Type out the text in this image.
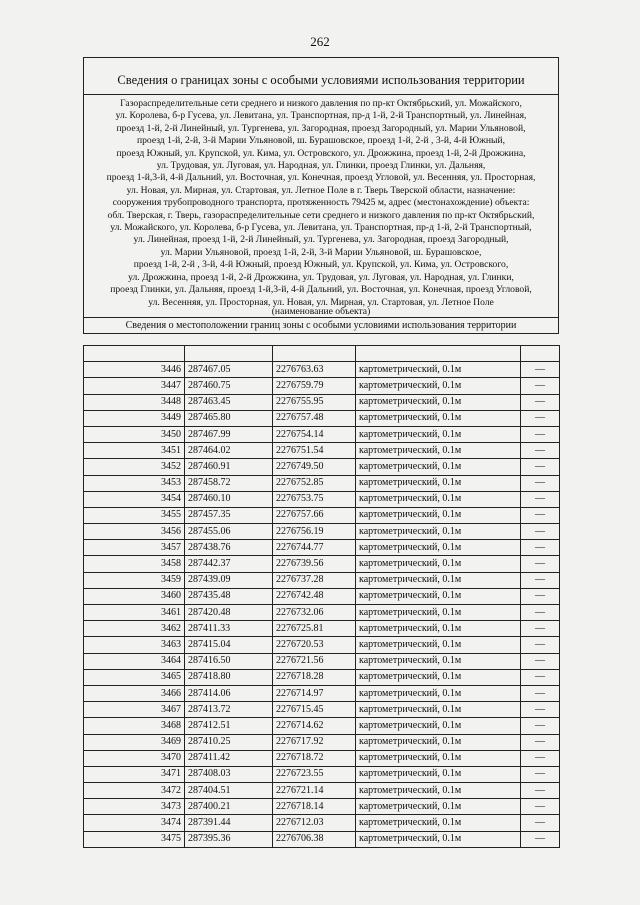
262
Сведения о границах зоны с особыми условиями использования территории

Газораспределительные сети среднего и низкого давления по пр-кт Октябрьский, ул. Можайского,

ул. Королева, б-р Гусева, ул. Левитана, ул. Транспортная, пр-д 1-й, 2-й Транспортный, ул. Линейная,

проезд 1-й, 2-й Линейный, ул. Тургенева, ул. Загородная, проезд Загородный, ул. Марии Ульяновой,

проезд 1-й, 2-й, 3-й Марии Ульяновой, ш. Бурашовское, проезд 1-й, 2-й , 3-й, 4-й Южный,

проезд Южный, ул. Крупской, ул. Кима, ул. Островского, ул. Дрожжина, проезд 1-й, 2-й Дрожжина,

ул. Трудовая, ул. Луговая, ул. Народная, ул. Глинки, проезд Глинки, ул. Дальняя,

проезд 1-й,3-й, 4-й Дальний, ул. Восточная, ул. Конечная, проезд Угловой, ул. Весенняя, ул. Просторная,

ул. Новая, ул. Мирная, ул. Стартовая, ул. Летное Поле в г. Тверь Тверской области, назначение:

сооружения трубопроводного транспорта, протяженность 79425 м, адрес (местонахождение) объекта:

обл. Тверская, г. Тверь, газораспределительные сети среднего и низкого давления по пр-кт Октябрьский,

ул. Можайского, ул. Королева, б-р Гусева, ул. Левитана, ул. Транспортная, пр-д 1-й, 2-й Транспортный,

ул. Линейная, проезд 1-й, 2-й Линейный, ул. Тургенева, ул. Загородная, проезд Загородный,

ул. Марии Ульяновой, проезд 1-й, 2-й, 3-й Марии Ульяновой, ш. Бурашовское,

проезд 1-й, 2-й , 3-й, 4-й Южный, проезд Южный, ул. Крупской, ул. Кима, ул. Островского,

ул. Дрожжина, проезд 1-й, 2-й Дрожжина, ул. Трудовая, ул. Луговая, ул. Народная, ул. Глинки,

проезд Глинки, ул. Дальняя, проезд 1-й,3-й, 4-й Дальний, ул. Восточная, ул. Конечная, проезд Угловой,

ул. Весенняя, ул. Просторная, ул. Новая, ул. Мирная, ул. Стартовая, ул. Летное Поле

(наименование объекта)
Сведения о местоположении границ зоны с особыми условиями использования территории

3446	287467.05	2276763.63	картометрический, 0.1м	—
3447	287460.75	2276759.79	картометрический, 0.1м	—
3448	287463.45	2276755.95	картометрический, 0.1м	—
3449	287465.80	2276757.48	картометрический, 0.1м	—
3450	287467.99	2276754.14	картометрический, 0.1м	—
3451	287464.02	2276751.54	картометрический, 0.1м	—
3452	287460.91	2276749.50	картометрический, 0.1м	—
3453	287458.72	2276752.85	картометрический, 0.1м	—
3454	287460.10	2276753.75	картометрический, 0.1м	—
3455	287457.35	2276757.66	картометрический, 0.1м	—
3456	287455.06	2276756.19	картометрический, 0.1м	—
3457	287438.76	2276744.77	картометрический, 0.1м	—
3458	287442.37	2276739.56	картометрический, 0.1м	—
3459	287439.09	2276737.28	картометрический, 0.1м	—
3460	287435.48	2276742.48	картометрический, 0.1м	—
3461	287420.48	2276732.06	картометрический, 0.1м	—
3462	287411.33	2276725.81	картометрический, 0.1м	—
3463	287415.04	2276720.53	картометрический, 0.1м	—
3464	287416.50	2276721.56	картометрический, 0.1м	—
3465	287418.80	2276718.28	картометрический, 0.1м	—
3466	287414.06	2276714.97	картометрический, 0.1м	—
3467	287413.72	2276715.45	картометрический, 0.1м	—
3468	287412.51	2276714.62	картометрический, 0.1м	—
3469	287410.25	2276717.92	картометрический, 0.1м	—
3470	287411.42	2276718.72	картометрический, 0.1м	—
3471	287408.03	2276723.55	картометрический, 0.1м	—
3472	287404.51	2276721.14	картометрический, 0.1м	—
3473	287400.21	2276718.14	картометрический, 0.1м	—
3474	287391.44	2276712.03	картометрический, 0.1м	—
3475	287395.36	2276706.38	картометрический, 0.1м	—
